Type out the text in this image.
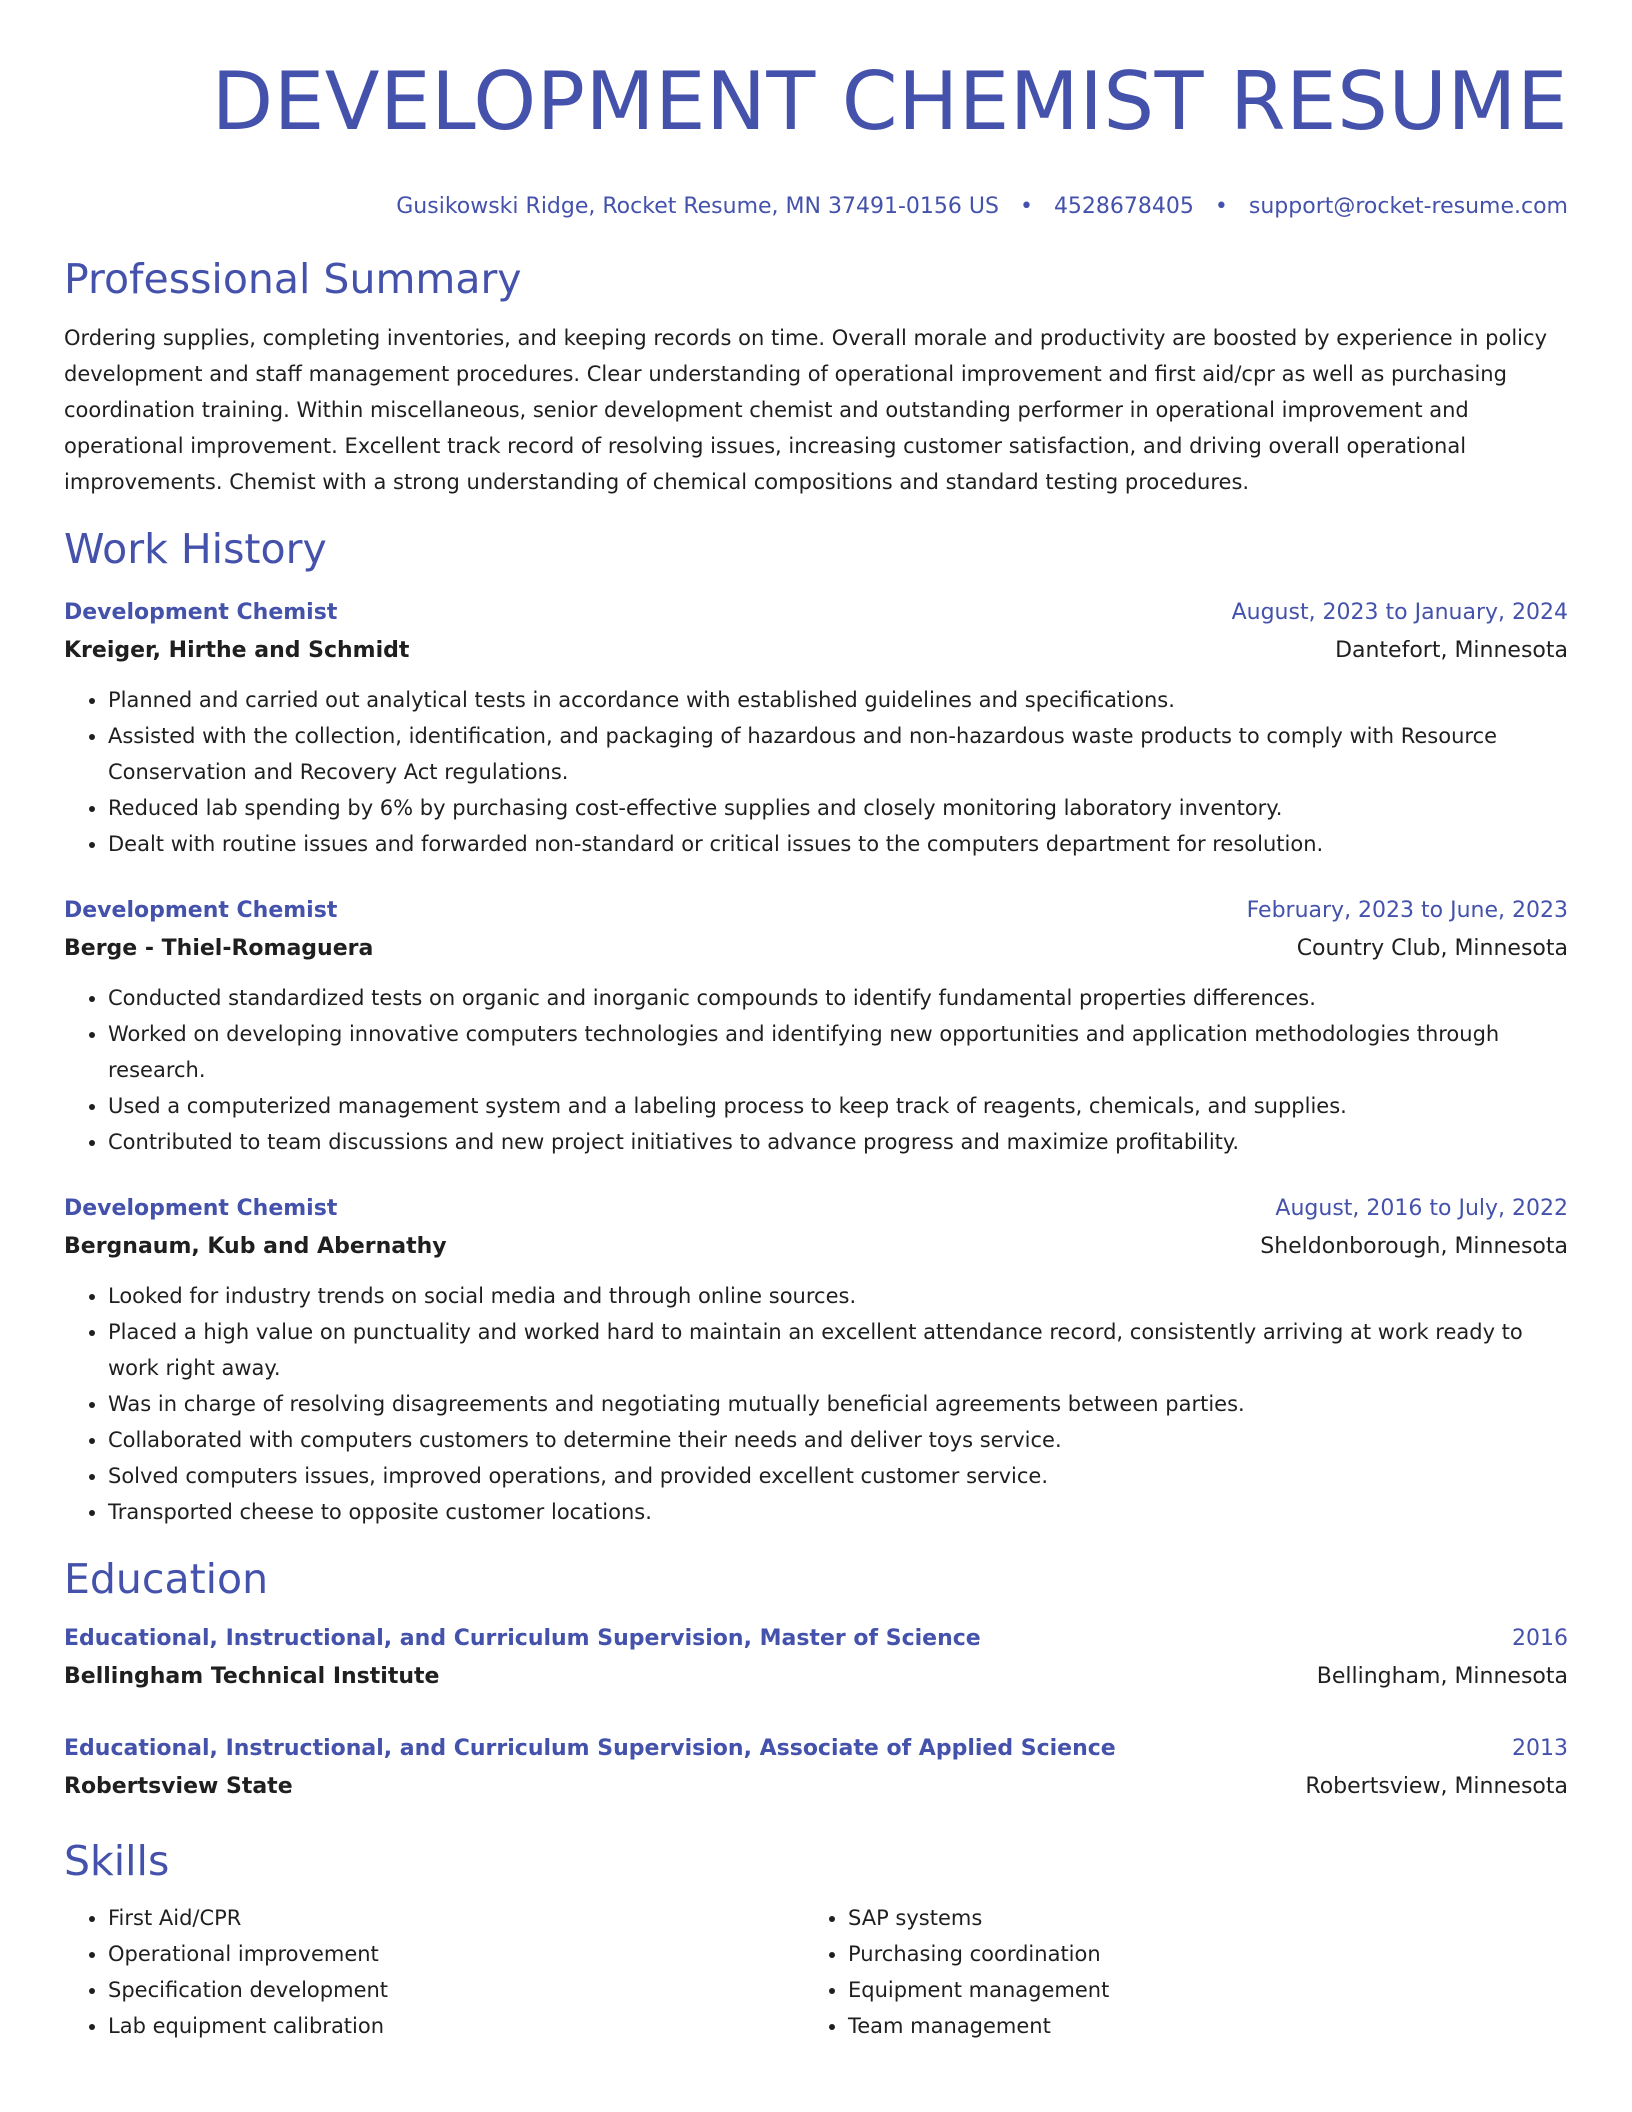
DEVELOPMENT CHEMIST RESUME
Gusikowski Ridge, Rocket Resume, MN 37491-0156 US • 4528678405 • support@rocket-resume.com
Professional Summary
Ordering supplies, completing inventories, and keeping records on time. Overall morale and productivity are boosted by experience in policy development and staff management procedures. Clear understanding of operational improvement and first aid/cpr as well as purchasing coordination training. Within miscellaneous, senior development chemist and outstanding performer in operational improvement and operational improvement. Excellent track record of resolving issues, increasing customer satisfaction, and driving overall operational improvements. Chemist with a strong understanding of chemical compositions and standard testing procedures.
Work History
Development Chemist	August, 2023 to January, 2024
Kreiger, Hirthe and Schmidt	Dantefort, Minnesota
• Planned and carried out analytical tests in accordance with established guidelines and specifications.
• Assisted with the collection, identification, and packaging of hazardous and non-hazardous waste products to comply with Resource Conservation and Recovery Act regulations.
• Reduced lab spending by 6% by purchasing cost-effective supplies and closely monitoring laboratory inventory.
• Dealt with routine issues and forwarded non-standard or critical issues to the computers department for resolution.
Development Chemist	February, 2023 to June, 2023
Berge - Thiel-Romaguera	Country Club, Minnesota
• Conducted standardized tests on organic and inorganic compounds to identify fundamental properties differences.
• Worked on developing innovative computers technologies and identifying new opportunities and application methodologies through research.
• Used a computerized management system and a labeling process to keep track of reagents, chemicals, and supplies.
• Contributed to team discussions and new project initiatives to advance progress and maximize profitability.
Development Chemist	August, 2016 to July, 2022
Bergnaum, Kub and Abernathy	Sheldonborough, Minnesota
• Looked for industry trends on social media and through online sources.
• Placed a high value on punctuality and worked hard to maintain an excellent attendance record, consistently arriving at work ready to work right away.
• Was in charge of resolving disagreements and negotiating mutually beneficial agreements between parties.
• Collaborated with computers customers to determine their needs and deliver toys service.
• Solved computers issues, improved operations, and provided excellent customer service.
• Transported cheese to opposite customer locations.
Education
Educational, Instructional, and Curriculum Supervision, Master of Science	2016
Bellingham Technical Institute	Bellingham, Minnesota
Educational, Instructional, and Curriculum Supervision, Associate of Applied Science	2013
Robertsview State	Robertsview, Minnesota
Skills
• First Aid/CPR
• Operational improvement
• Specification development
• Lab equipment calibration
• SAP systems
• Purchasing coordination
• Equipment management
• Team management
